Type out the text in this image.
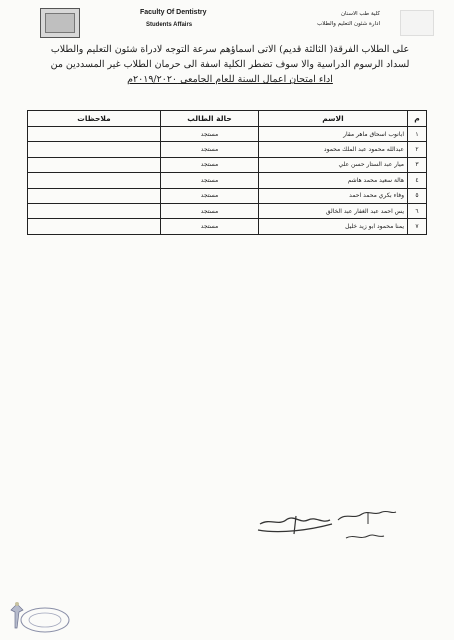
Faculty Of Dentistry
Students Affairs
كلية طب الاسنان
ادارة شئون التعليم والطلاب
على الطلاب الفرقة( الثالثة قديم) الاتى اسماؤهم سرعة التوجه لادراة شئون التعليم والطلاب
لسداد الرسوم الدراسية والا سوف تضطر الكلية اسفة الى حرمان الطلاب غير المسددين من
اداء امتحان اعمال السنة للعام الجامعى ٢٠١٩/٢٠٢٠م
م	الاسم	حالة الطالب	ملاحظات
١	ابانوب اسحاق ماهر مقار	مستجد	
٢	عبدالله محمود عبد الملك محمود	مستجد	
٣	ميار عبد الستار حسن علي	مستجد	
٤	هالة سعيد محمد هاشم	مستجد	
٥	وفاء بكري محمد احمد	مستجد	
٦	يس احمد عبد الغفار عبد الخالق	مستجد	
٧	يمنا محمود ابو زيد خليل	مستجد	
